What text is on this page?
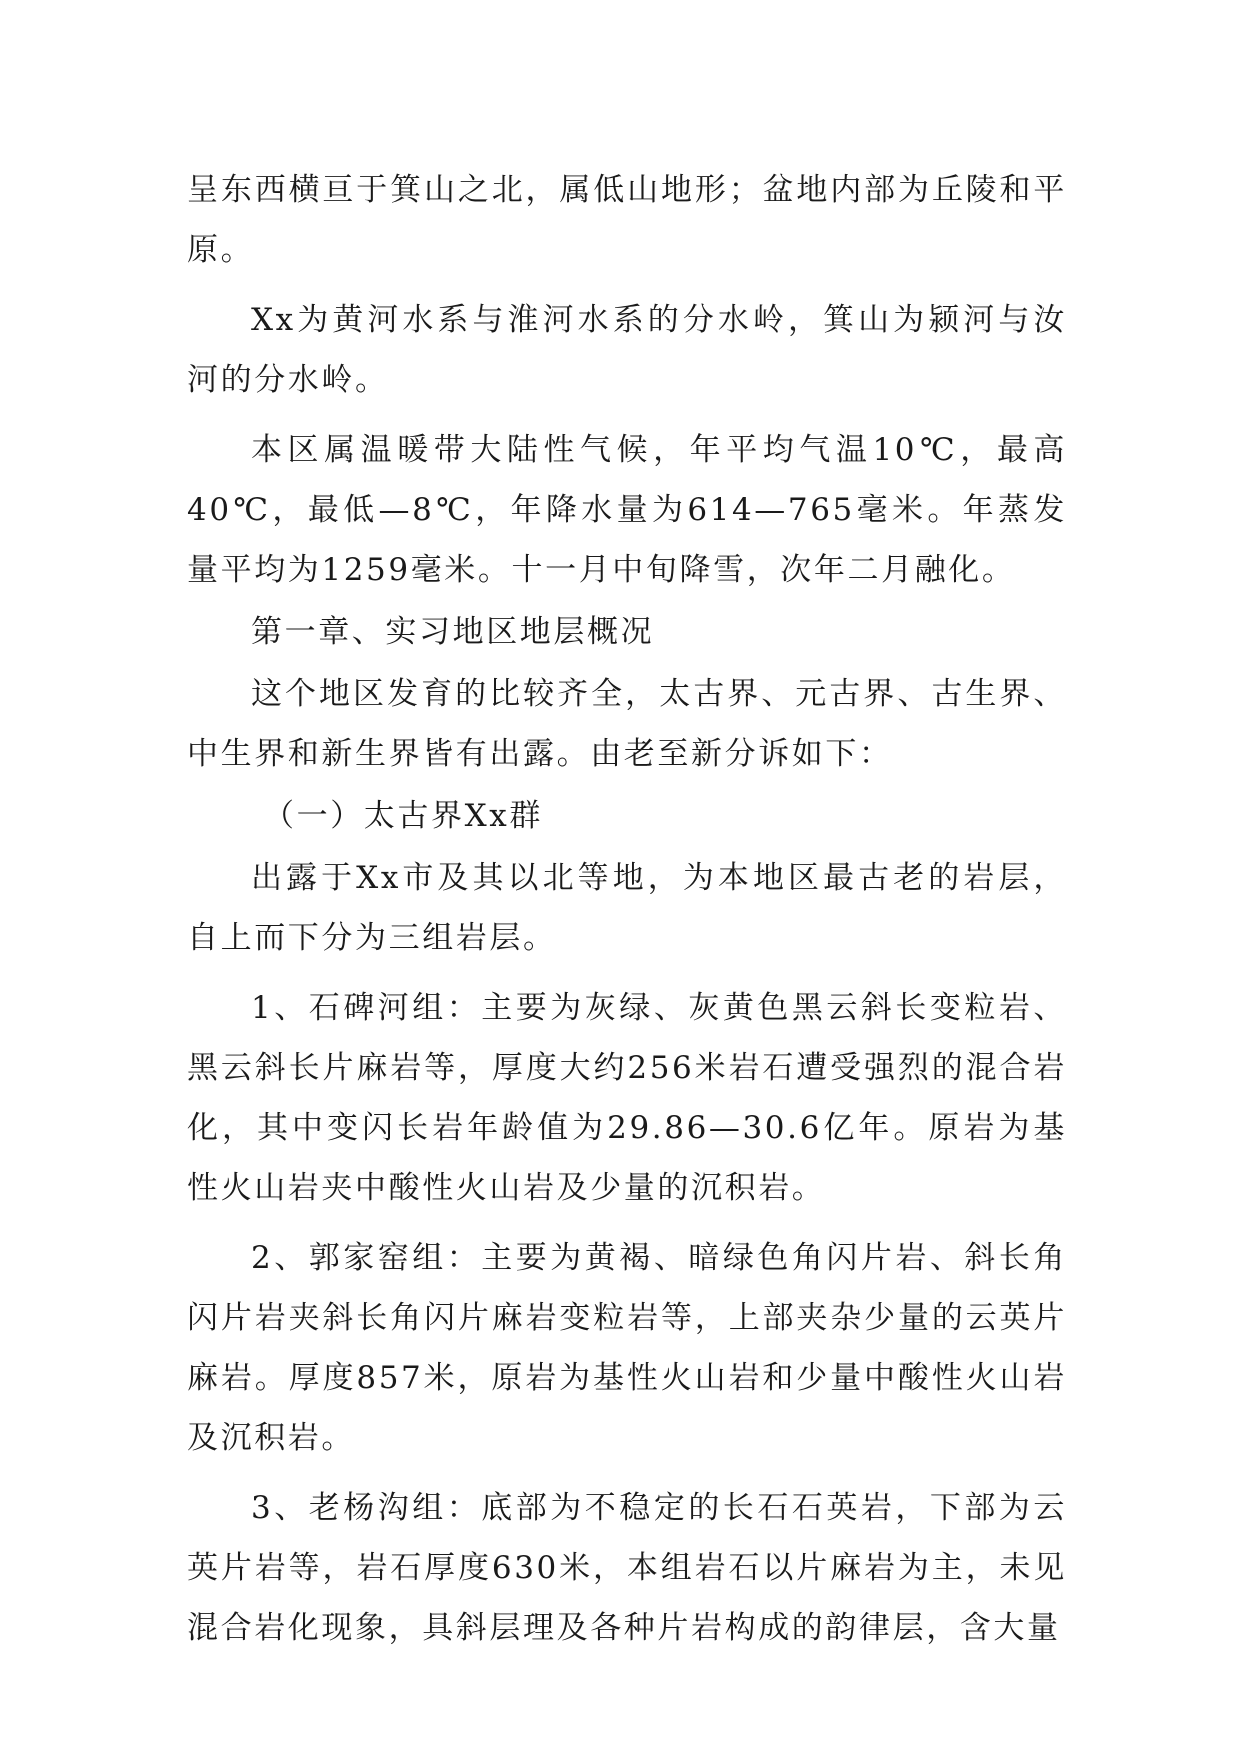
呈东西横亘于箕山之北，属低山地形；盆地内部为丘陵和平原。

Xx为黄河水系与淮河水系的分水岭，箕山为颍河与汝河的分水岭。

本区属温暖带大陆性气候，年平均气温10℃，最高40℃，最低—8℃，年降水量为614—765毫米。年蒸发量平均为1259毫米。十一月中旬降雪，次年二月融化。

第一章、实习地区地层概况

这个地区发育的比较齐全，太古界、元古界、古生界、中生界和新生界皆有出露。由老至新分诉如下：

（一）太古界Xx群

出露于Xx市及其以北等地，为本地区最古老的岩层，自上而下分为三组岩层。

1、石碑河组：主要为灰绿、灰黄色黑云斜长变粒岩、黑云斜长片麻岩等，厚度大约256米岩石遭受强烈的混合岩化，其中变闪长岩年龄值为29.86—30.6亿年。原岩为基性火山岩夹中酸性火山岩及少量的沉积岩。

2、郭家窑组：主要为黄褐、暗绿色角闪片岩、斜长角闪片岩夹斜长角闪片麻岩变粒岩等，上部夹杂少量的云英片麻岩。厚度857米，原岩为基性火山岩和少量中酸性火山岩及沉积岩。

3、老杨沟组：底部为不稳定的长石石英岩，下部为云英片岩等，岩石厚度630米，本组岩石以片麻岩为主，未见混合岩化现象，具斜层理及各种片岩构成的韵律层，含大量
